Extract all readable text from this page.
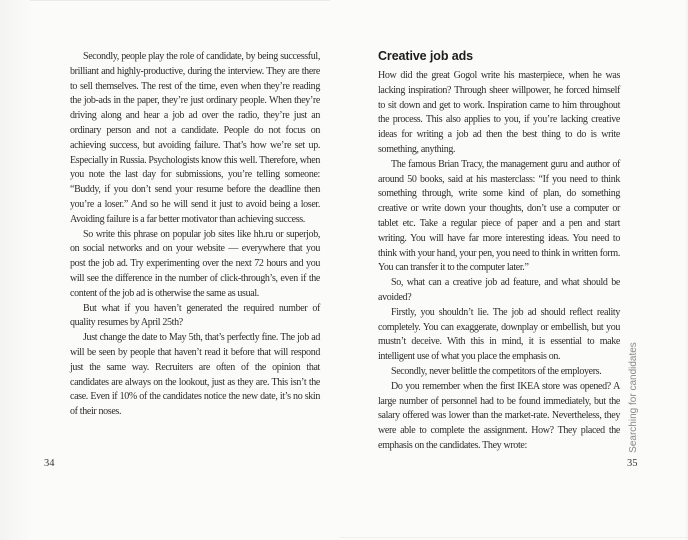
Secondly, people play the role of candidate, by being successful, brilliant and highly-productive, during the interview. They are there to sell themselves. The rest of the time, even when they’re reading the job-ads in the paper, they’re just ordinary people. When they’re driving along and hear a job ad over the radio, they’re just an ordinary person and not a candidate. People do not focus on achieving success, but avoiding failure. That’s how we’re set up. Especially in Russia. Psychologists know this well. Therefore, when you note the last day for submissions, you’re telling someone: “Buddy, if you don’t send your resume before the deadline then you’re a loser.” And so he will send it just to avoid being a loser. Avoiding failure is a far better motivator than achieving success.

So write this phrase on popular job sites like hh.ru or superjob, on social networks and on your website — everywhere that you post the job ad. Try experimenting over the next 72 hours and you will see the difference in the number of click-through’s, even if the content of the job ad is otherwise the same as usual.

But what if you haven’t generated the required number of quality resumes by April 25th?

Just change the date to May 5th, that’s perfectly fine. The job ad will be seen by people that haven’t read it before that will respond just the same way. Recruiters are often of the opinion that candidates are always on the lookout, just as they are. This isn’t the case. Even if 10% of the candidates notice the new date, it’s no skin of their noses.

Creative job ads

How did the great Gogol write his masterpiece, when he was lacking inspiration? Through sheer willpower, he forced himself to sit down and get to work. Inspiration came to him throughout the process. This also applies to you, if you’re lacking creative ideas for writing a job ad then the best thing to do is write something, anything.

The famous Brian Tracy, the management guru and author of around 50 books, said at his masterclass: “If you need to think something through, write some kind of plan, do something creative or write down your thoughts, don’t use a computer or tablet etc. Take a regular piece of paper and a pen and start writing. You will have far more interesting ideas. You need to think with your hand, your pen, you need to think in written form. You can transfer it to the computer later.”

So, what can a creative job ad feature, and what should be avoided?

Firstly, you shouldn’t lie. The job ad should reflect reality completely. You can exaggerate, downplay or embellish, but you mustn’t deceive. With this in mind, it is essential to make intelligent use of what you place the emphasis on.

Secondly, never belittle the competitors of the employers.

Do you remember when the first IKEA store was opened? A large number of personnel had to be found immediately, but the salary offered was lower than the market-rate. Nevertheless, they were able to complete the assignment. How? They placed the emphasis on the candidates. They wrote:

34	35
Searching for candidates
